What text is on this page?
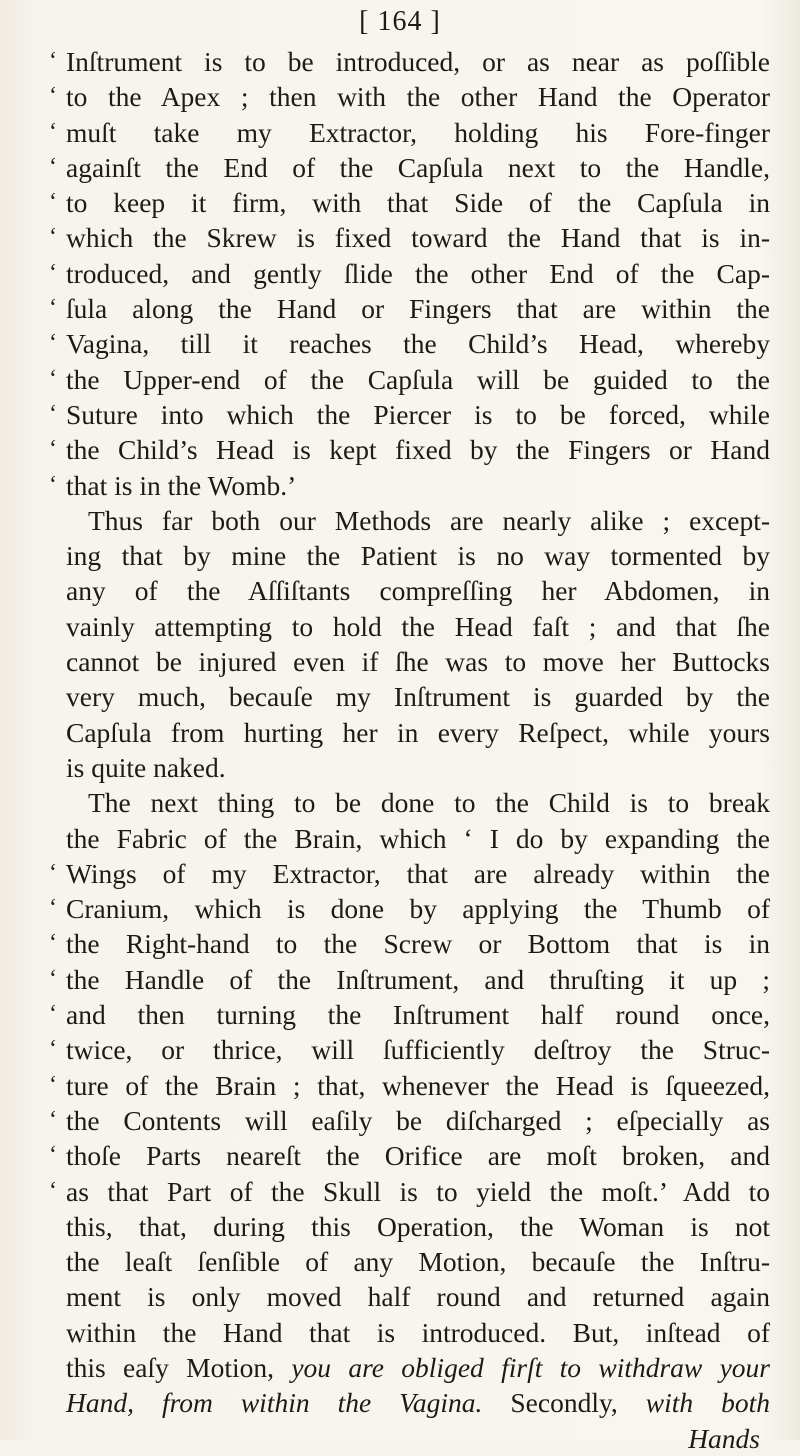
[ 164 ]
‘ Inſtrument is to be introduced, or as near as poſſible
‘ to the Apex ; then with the other Hand the Operator
‘ muſt take my Extractor, holding his Fore-finger
‘ againſt the End of the Capſula next to the Handle,
‘ to keep it firm, with that Side of the Capſula in
‘ which the Skrew is fixed toward the Hand that is in-
‘ troduced, and gently ſlide the other End of the Cap-
‘ ſula along the Hand or Fingers that are within the
‘ Vagina, till it reaches the Child’s Head, whereby
‘ the Upper-end of the Capſula will be guided to the
‘ Suture into which the Piercer is to be forced, while
‘ the Child’s Head is kept fixed by the Fingers or Hand
‘ that is in the Womb.’
Thus far both our Methods are nearly alike ; except-
ing that by mine the Patient is no way tormented by
any of the Aſſiſtants compreſſing her Abdomen, in
vainly attempting to hold the Head faſt ; and that ſhe
cannot be injured even if ſhe was to move her Buttocks
very much, becauſe my Inſtrument is guarded by the
Capſula from hurting her in every Reſpect, while yours
is quite naked.
The next thing to be done to the Child is to break
the Fabric of the Brain, which ‘ I do by expanding the
‘ Wings of my Extractor, that are already within the
‘ Cranium, which is done by applying the Thumb of
‘ the Right-hand to the Screw or Bottom that is in
‘ the Handle of the Inſtrument, and thruſting it up ;
‘ and then turning the Inſtrument half round once,
‘ twice, or thrice, will ſufficiently deſtroy the Struc-
‘ ture of the Brain ; that, whenever the Head is ſqueezed,
‘ the Contents will eaſily be diſcharged ; eſpecially as
‘ thoſe Parts neareſt the Orifice are moſt broken, and
‘ as that Part of the Skull is to yield the moſt.’ Add to
this, that, during this Operation, the Woman is not
the leaſt ſenſible of any Motion, becauſe the Inſtru-
ment is only moved half round and returned again
within the Hand that is introduced. But, inſtead of
this eaſy Motion, you are obliged firſt to withdraw your
Hand, from within the Vagina. Secondly, with both
Hands
